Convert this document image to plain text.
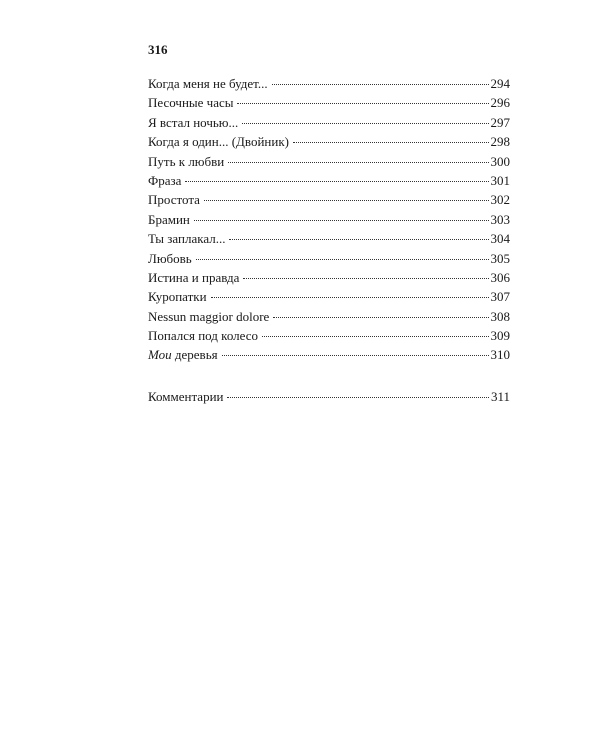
316
Когда меня не будет...	294
Песочные часы	296
Я встал ночью...	297
Когда я один... (Двойник)	298
Путь к любви	300
Фраза	301
Простота	302
Брамин	303
Ты заплакал...	304
Любовь	305
Истина и правда	306
Куропатки	307
Nessun maggior dolore	308
Попался под колесо	309
Мои деревья	310
Комментарии	311
